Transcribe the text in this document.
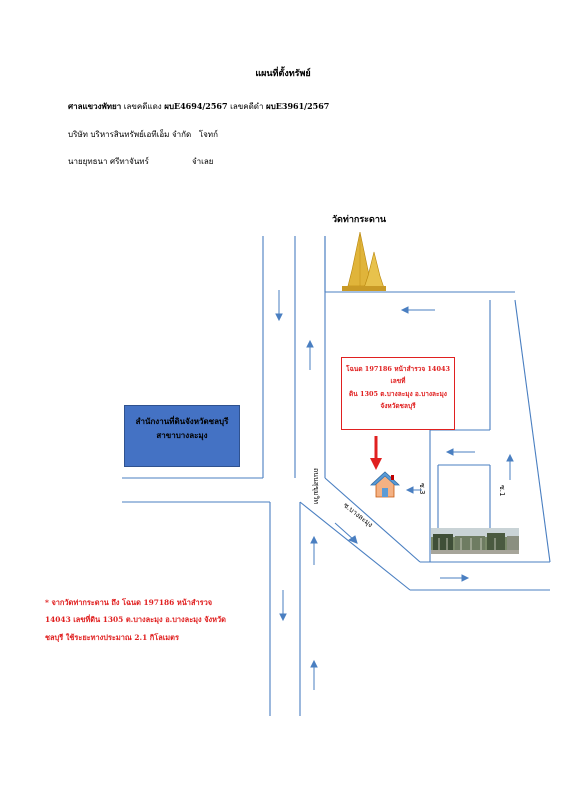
แผนที่ตั้งทรัพย์
ศาลแขวงพัทยา เลขคดีแดง ผบE4694/2567 เลขคดีดำ ผบE3961/2567
บริษัท บริหารสินทรัพย์เอทีเอ็ม จำกัด โจทก์
นายยุทธนา ศรีทาจันทร์	จำเลย
วัดท่ากระดาน
ถนนสุขุมวิท
ซ.บางละมุง
ซ.3	ซ.1
สำนักงานที่ดินจังหวัดชลบุรี
สาขาบางละมุง
โฉนด 197186 หน้าสำรวจ 14043 เลขที่
ดิน 1305 ต.บางละมุง อ.บางละมุง
จังหวัดชลบุรี
* จากวัดท่ากระดาน ถึง โฉนด 197186 หน้าสำรวจ
14043 เลขที่ดิน 1305 ต.บางละมุง อ.บางละมุง จังหวัด
ชลบุรี ใช้ระยะทางประมาณ 2.1 กิโลเมตร
